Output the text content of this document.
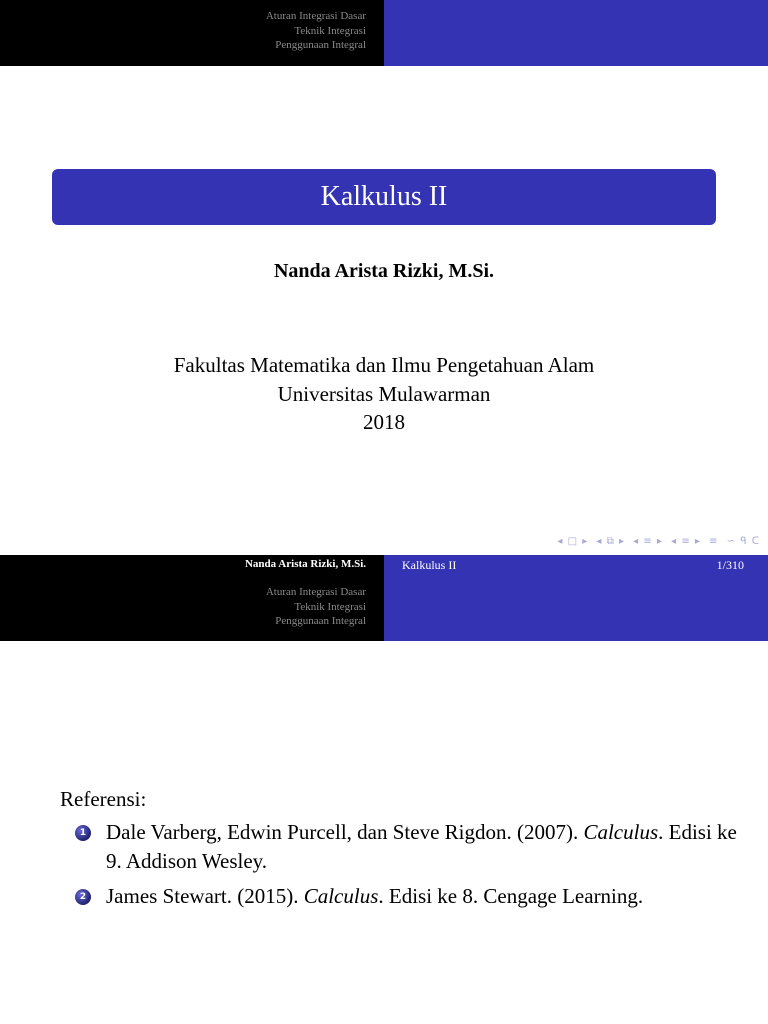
Aturan Integrasi Dasar
Teknik Integrasi
Penggunaan Integral
Kalkulus II
Nanda Arista Rizki, M.Si.
Fakultas Matematika dan Ilmu Pengetahuan Alam
Universitas Mulawarman
2018
◂ □ ▸ ◂ ⧉ ▸ ◂ ≡ ▸ ◂ ≡ ▸ ≡ ∽ ᑫ ᑕ
Nanda Arista Rizki, M.Si.
Aturan Integrasi Dasar
Teknik Integrasi
Penggunaan Integral
Kalkulus II	1/310
Referensi:
1 Dale Varberg, Edwin Purcell, dan Steve Rigdon. (2007). Calculus. Edisi ke 9. Addison Wesley.
2 James Stewart. (2015). Calculus. Edisi ke 8. Cengage Learning.
